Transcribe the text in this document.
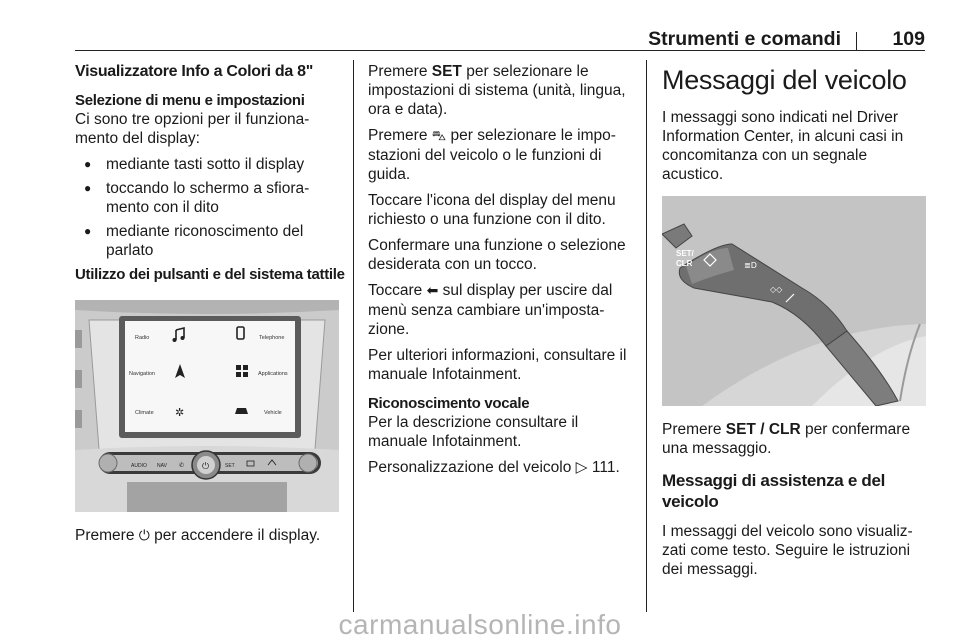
Strumenti e comandi	109
Visualizzatore Info a Colori da 8"
Selezione di menu e impostazioni

Ci sono tre opzioni per il funziona-mento del display:

● mediante tasti sotto il display
● toccando lo schermo a sfiora-mento con il dito
● mediante riconoscimento del parlato
Utilizzo dei pulsanti e del sistema tattile
Radio	Telephone
Navigation	Applications
Climate	Vehicle
✲
⏻
AUDIO NAV ✆	SET

Premere ⏻ per accendere il display.

Premere SET per selezionare le impostazioni di sistema (unità, lingua, ora e data).

Premere ⛍ per selezionare le impo-stazioni del veicolo o le funzioni di guida.

Toccare l'icona del display del menu richiesto o una funzione con il dito.

Confermare una funzione o selezione desiderata con un tocco.

Toccare ⬅ sul display per uscire dal menù senza cambiare un'imposta-zione.

Per ulteriori informazioni, consultare il manuale Infotainment.

Riconoscimento vocale

Per la descrizione consultare il manuale Infotainment.

Personalizzazione del veicolo ▷ 111.

Messaggi del veicolo

I messaggi sono indicati nel Driver Information Center, in alcuni casi in concomitanza con un segnale acustico.

SET/
CLR	≣D
◇◇

Premere SET / CLR per confermare una messaggio.

Messaggi di assistenza e del veicolo

I messaggi del veicolo sono visualiz-zati come testo. Seguire le istruzioni dei messaggi.

carmanualsonline.info
